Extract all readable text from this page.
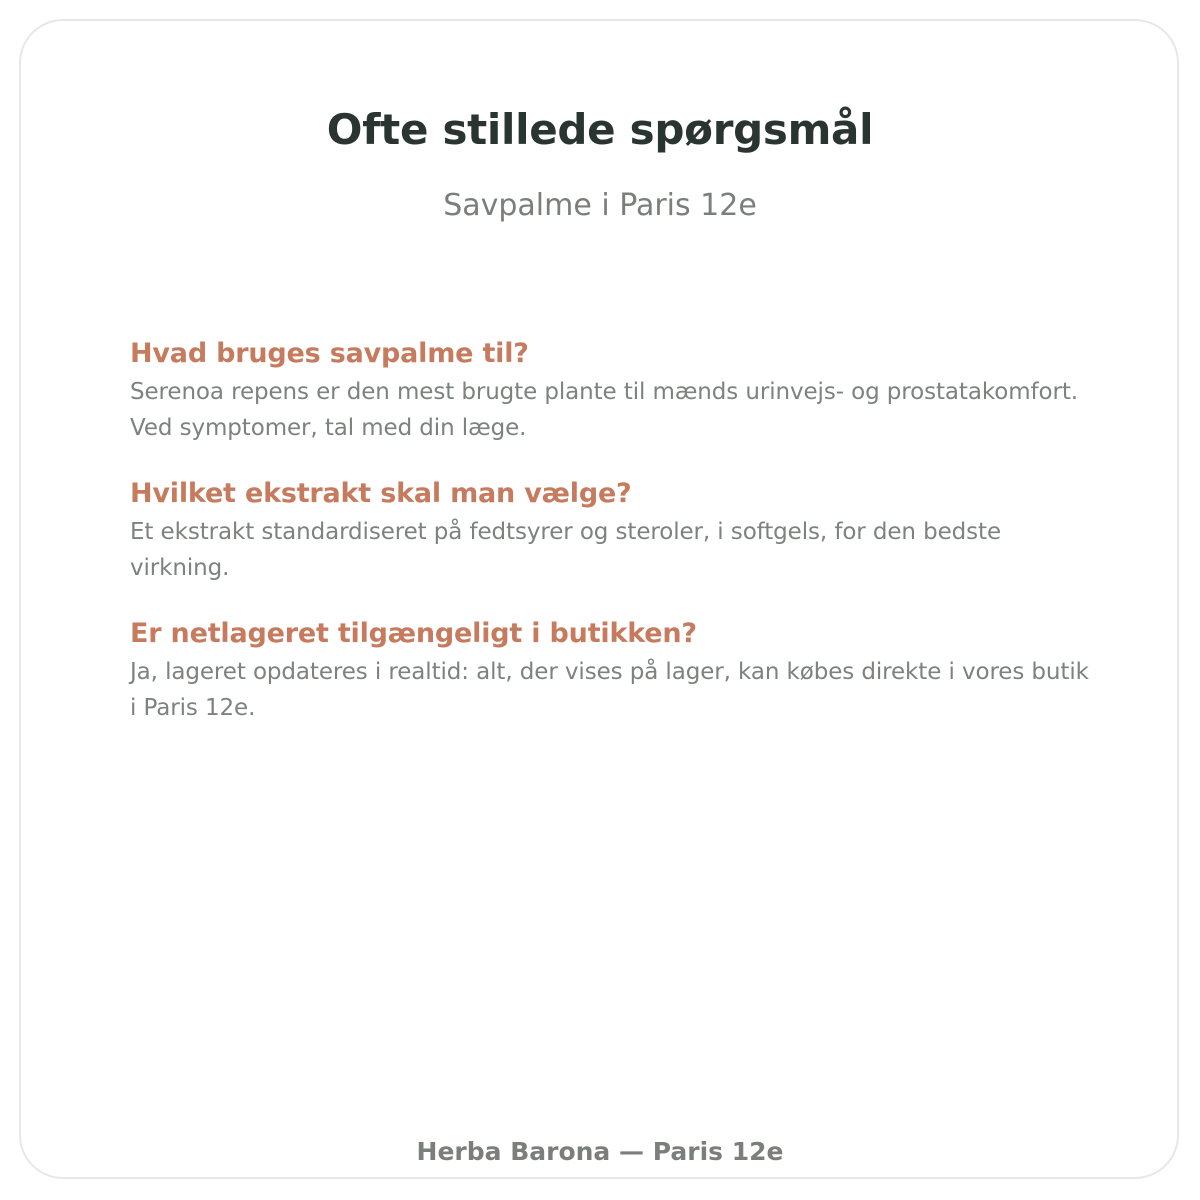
Ofte stillede spørgsmål
Savpalme i Paris 12e
Hvad bruges savpalme til?

Serenoa repens er den mest brugte plante til mænds urinvejs- og prostatakomfort. Ved symptomer, tal med din læge.

Hvilket ekstrakt skal man vælge?

Et ekstrakt standardiseret på fedtsyrer og steroler, i softgels, for den bedste virkning.

Er netlageret tilgængeligt i butikken?

Ja, lageret opdateres i realtid: alt, der vises på lager, kan købes direkte i vores butik i Paris 12e.

Herba Barona — Paris 12e
